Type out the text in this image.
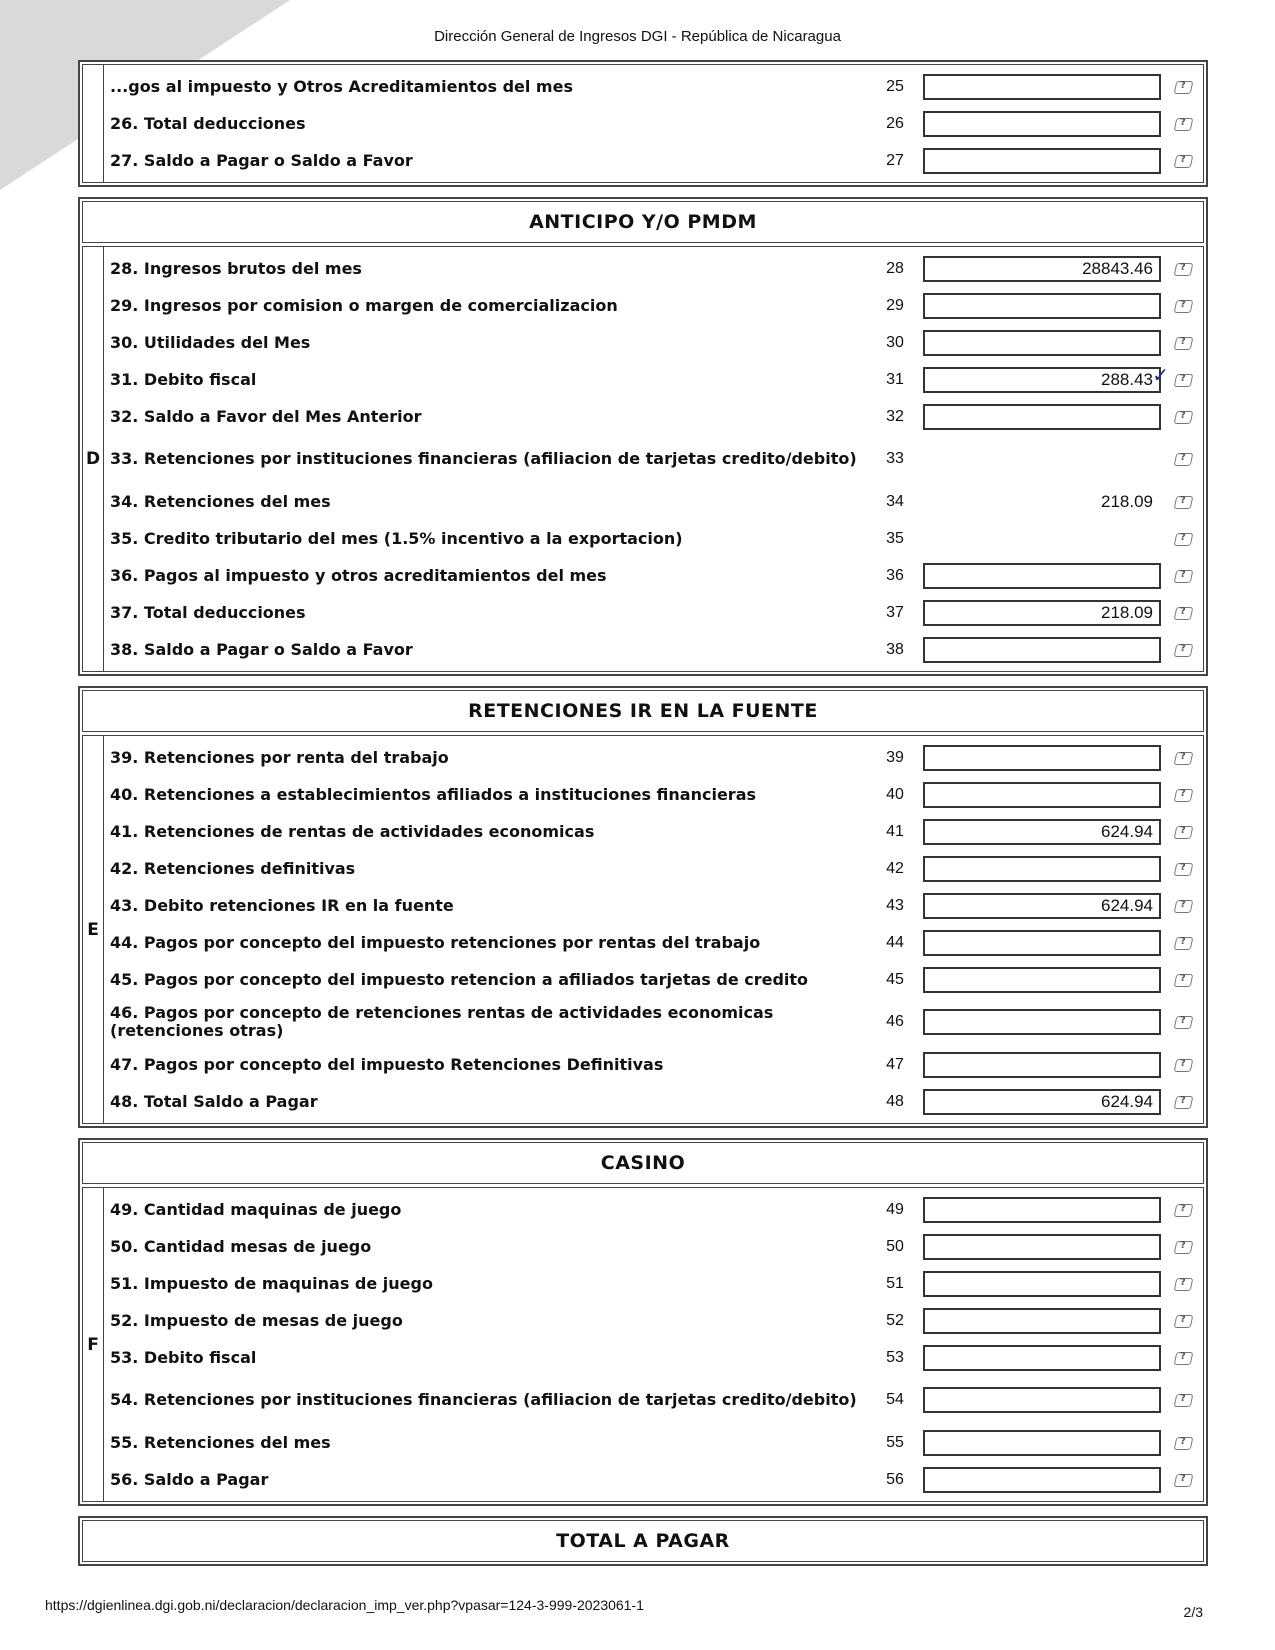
Dirección General de Ingresos DGI - República de Nicaragua
...gos al impuesto y Otros Acreditamientos del mes	25
?
26. Total deducciones	26
?
27. Saldo a Pagar o Saldo a Favor	27
?
ANTICIPO Y/O PMDM
D
28. Ingresos brutos del mes	28	28843.46
?
29. Ingresos por comision o margen de comercializacion	29
?
30. Utilidades del Mes	30
?
31. Debito fiscal	31	288.43 ? ✓
32. Saldo a Favor del Mes Anterior	32
?
33. Retenciones por instituciones financieras (afiliacion de tarjetas credito/debito)	33
?
34. Retenciones del mes	34	218.09
?
35. Credito tributario del mes (1.5% incentivo a la exportacion)	35
?
36. Pagos al impuesto y otros acreditamientos del mes	36
?
37. Total deducciones	37	218.09
?
38. Saldo a Pagar o Saldo a Favor	38
?
RETENCIONES IR EN LA FUENTE
E
39. Retenciones por renta del trabajo	39
?
40. Retenciones a establecimientos afiliados a instituciones financieras	40
?
41. Retenciones de rentas de actividades economicas	41	624.94
?
42. Retenciones definitivas	42
?
43. Debito retenciones IR en la fuente	43	624.94
?
44. Pagos por concepto del impuesto retenciones por rentas del trabajo	44
?
45. Pagos por concepto del impuesto retencion a afiliados tarjetas de credito	45
?
46. Pagos por concepto de retenciones rentas de actividades economicas (retenciones otras)	46
?
47. Pagos por concepto del impuesto Retenciones Definitivas	47
?
48. Total Saldo a Pagar	48	624.94
?
CASINO
F
49. Cantidad maquinas de juego	49
?
50. Cantidad mesas de juego	50
?
51. Impuesto de maquinas de juego	51
?
52. Impuesto de mesas de juego	52
?
53. Debito fiscal	53
?
54. Retenciones por instituciones financieras (afiliacion de tarjetas credito/debito)	54
?
55. Retenciones del mes	55
?
56. Saldo a Pagar	56
?
TOTAL A PAGAR
https://dgienlinea.dgi.gob.ni/declaracion/declaracion_imp_ver.php?vpasar=124-3-999-2023061-1	2/3
